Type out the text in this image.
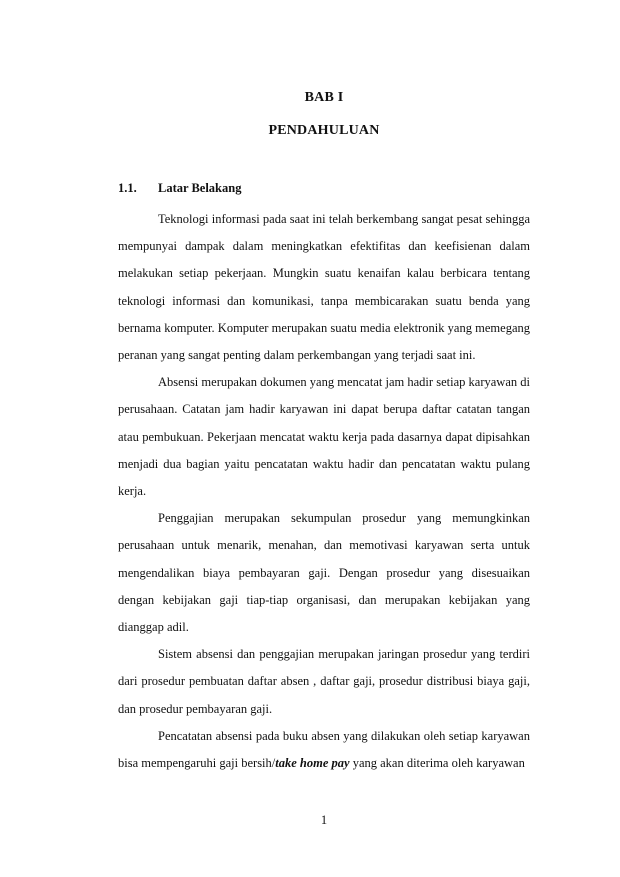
BAB I
PENDAHULUAN
1.1. Latar Belakang

Teknologi informasi pada saat ini telah berkembang sangat pesat sehingga mempunyai dampak dalam meningkatkan efektifitas dan keefisienan dalam melakukan setiap pekerjaan. Mungkin suatu kenaifan kalau berbicara tentang teknologi informasi dan komunikasi, tanpa membicarakan suatu benda yang bernama komputer. Komputer merupakan suatu media elektronik yang memegang peranan yang sangat penting dalam perkembangan yang terjadi saat ini.

Absensi merupakan dokumen yang mencatat jam hadir setiap karyawan di perusahaan. Catatan jam hadir karyawan ini dapat berupa daftar catatan tangan atau pembukuan. Pekerjaan mencatat waktu kerja pada dasarnya dapat dipisahkan menjadi dua bagian yaitu pencatatan waktu hadir dan pencatatan waktu pulang kerja.

Penggajian merupakan sekumpulan prosedur yang memungkinkan perusahaan untuk menarik, menahan, dan memotivasi karyawan serta untuk mengendalikan biaya pembayaran gaji. Dengan prosedur yang disesuaikan dengan kebijakan gaji tiap-tiap organisasi, dan merupakan kebijakan yang dianggap adil.

Sistem absensi dan penggajian merupakan jaringan prosedur yang terdiri dari prosedur pembuatan daftar absen , daftar gaji, prosedur distribusi biaya gaji, dan prosedur pembayaran gaji.

Pencatatan absensi pada buku absen yang dilakukan oleh setiap karyawan bisa mempengaruhi gaji bersih/take home pay yang akan diterima oleh karyawan

1
